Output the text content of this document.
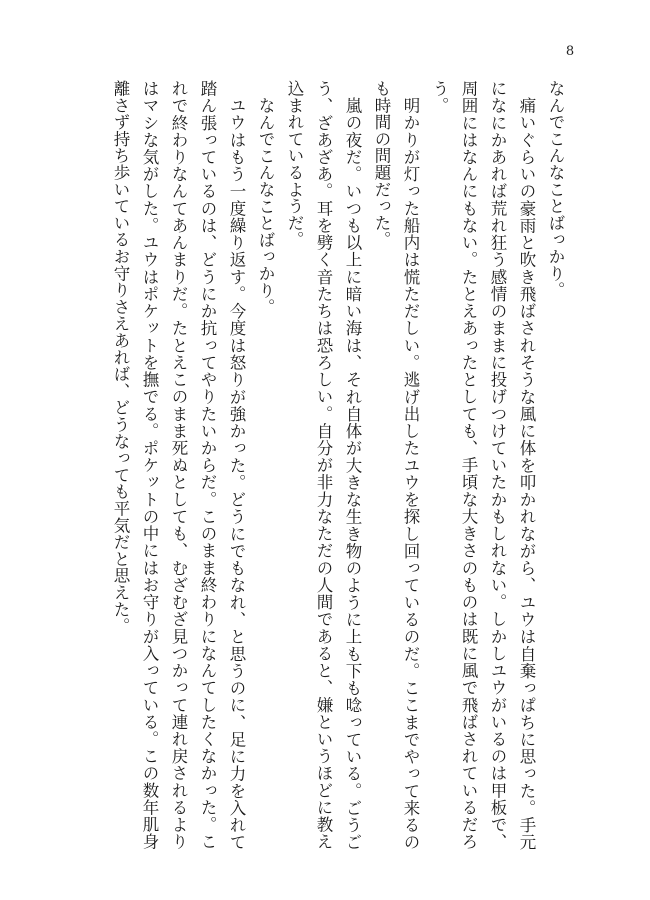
8

なんでこんなことばっかり。

痛いぐらいの豪雨と吹き飛ばされそうな風に体を叩かれながら、ユウは自棄っぱちに思った。手元になにかあれば荒れ狂う感情のままに投げつけていたかもしれない。しかしユウがいるのは甲板で、周囲にはなんにもない。たとえあったとしても、手頃な大きさのものは既に風で飛ばされているだろう。

明かりが灯った船内は慌ただしい。逃げ出したユウを探し回っているのだ。ここまでやって来るのも時間の問題だった。

嵐の夜だ。いつも以上に暗い海は、それ自体が大きな生き物のように上も下も唸っている。ごうごう、ざあざあ。耳を劈く音たちは恐ろしい。自分が非力なただの人間であると、嫌というほどに教え込まれているようだ。

なんでこんなことばっかり。

ユウはもう一度繰り返す。今度は怒りが強かった。どうにでもなれ、と思うのに、足に力を入れて踏ん張っているのは、どうにか抗ってやりたいからだ。このまま終わりになんてしたくなかった。これで終わりなんてあんまりだ。たとえこのまま死ぬとしても、むざむざ見つかって連れ戻されるよりはマシな気がした。ユウはポケットを撫でる。ポケットの中にはお守りが入っている。この数年肌身離さず持ち歩いているお守りさえあれば、どうなっても平気だと思えた。
